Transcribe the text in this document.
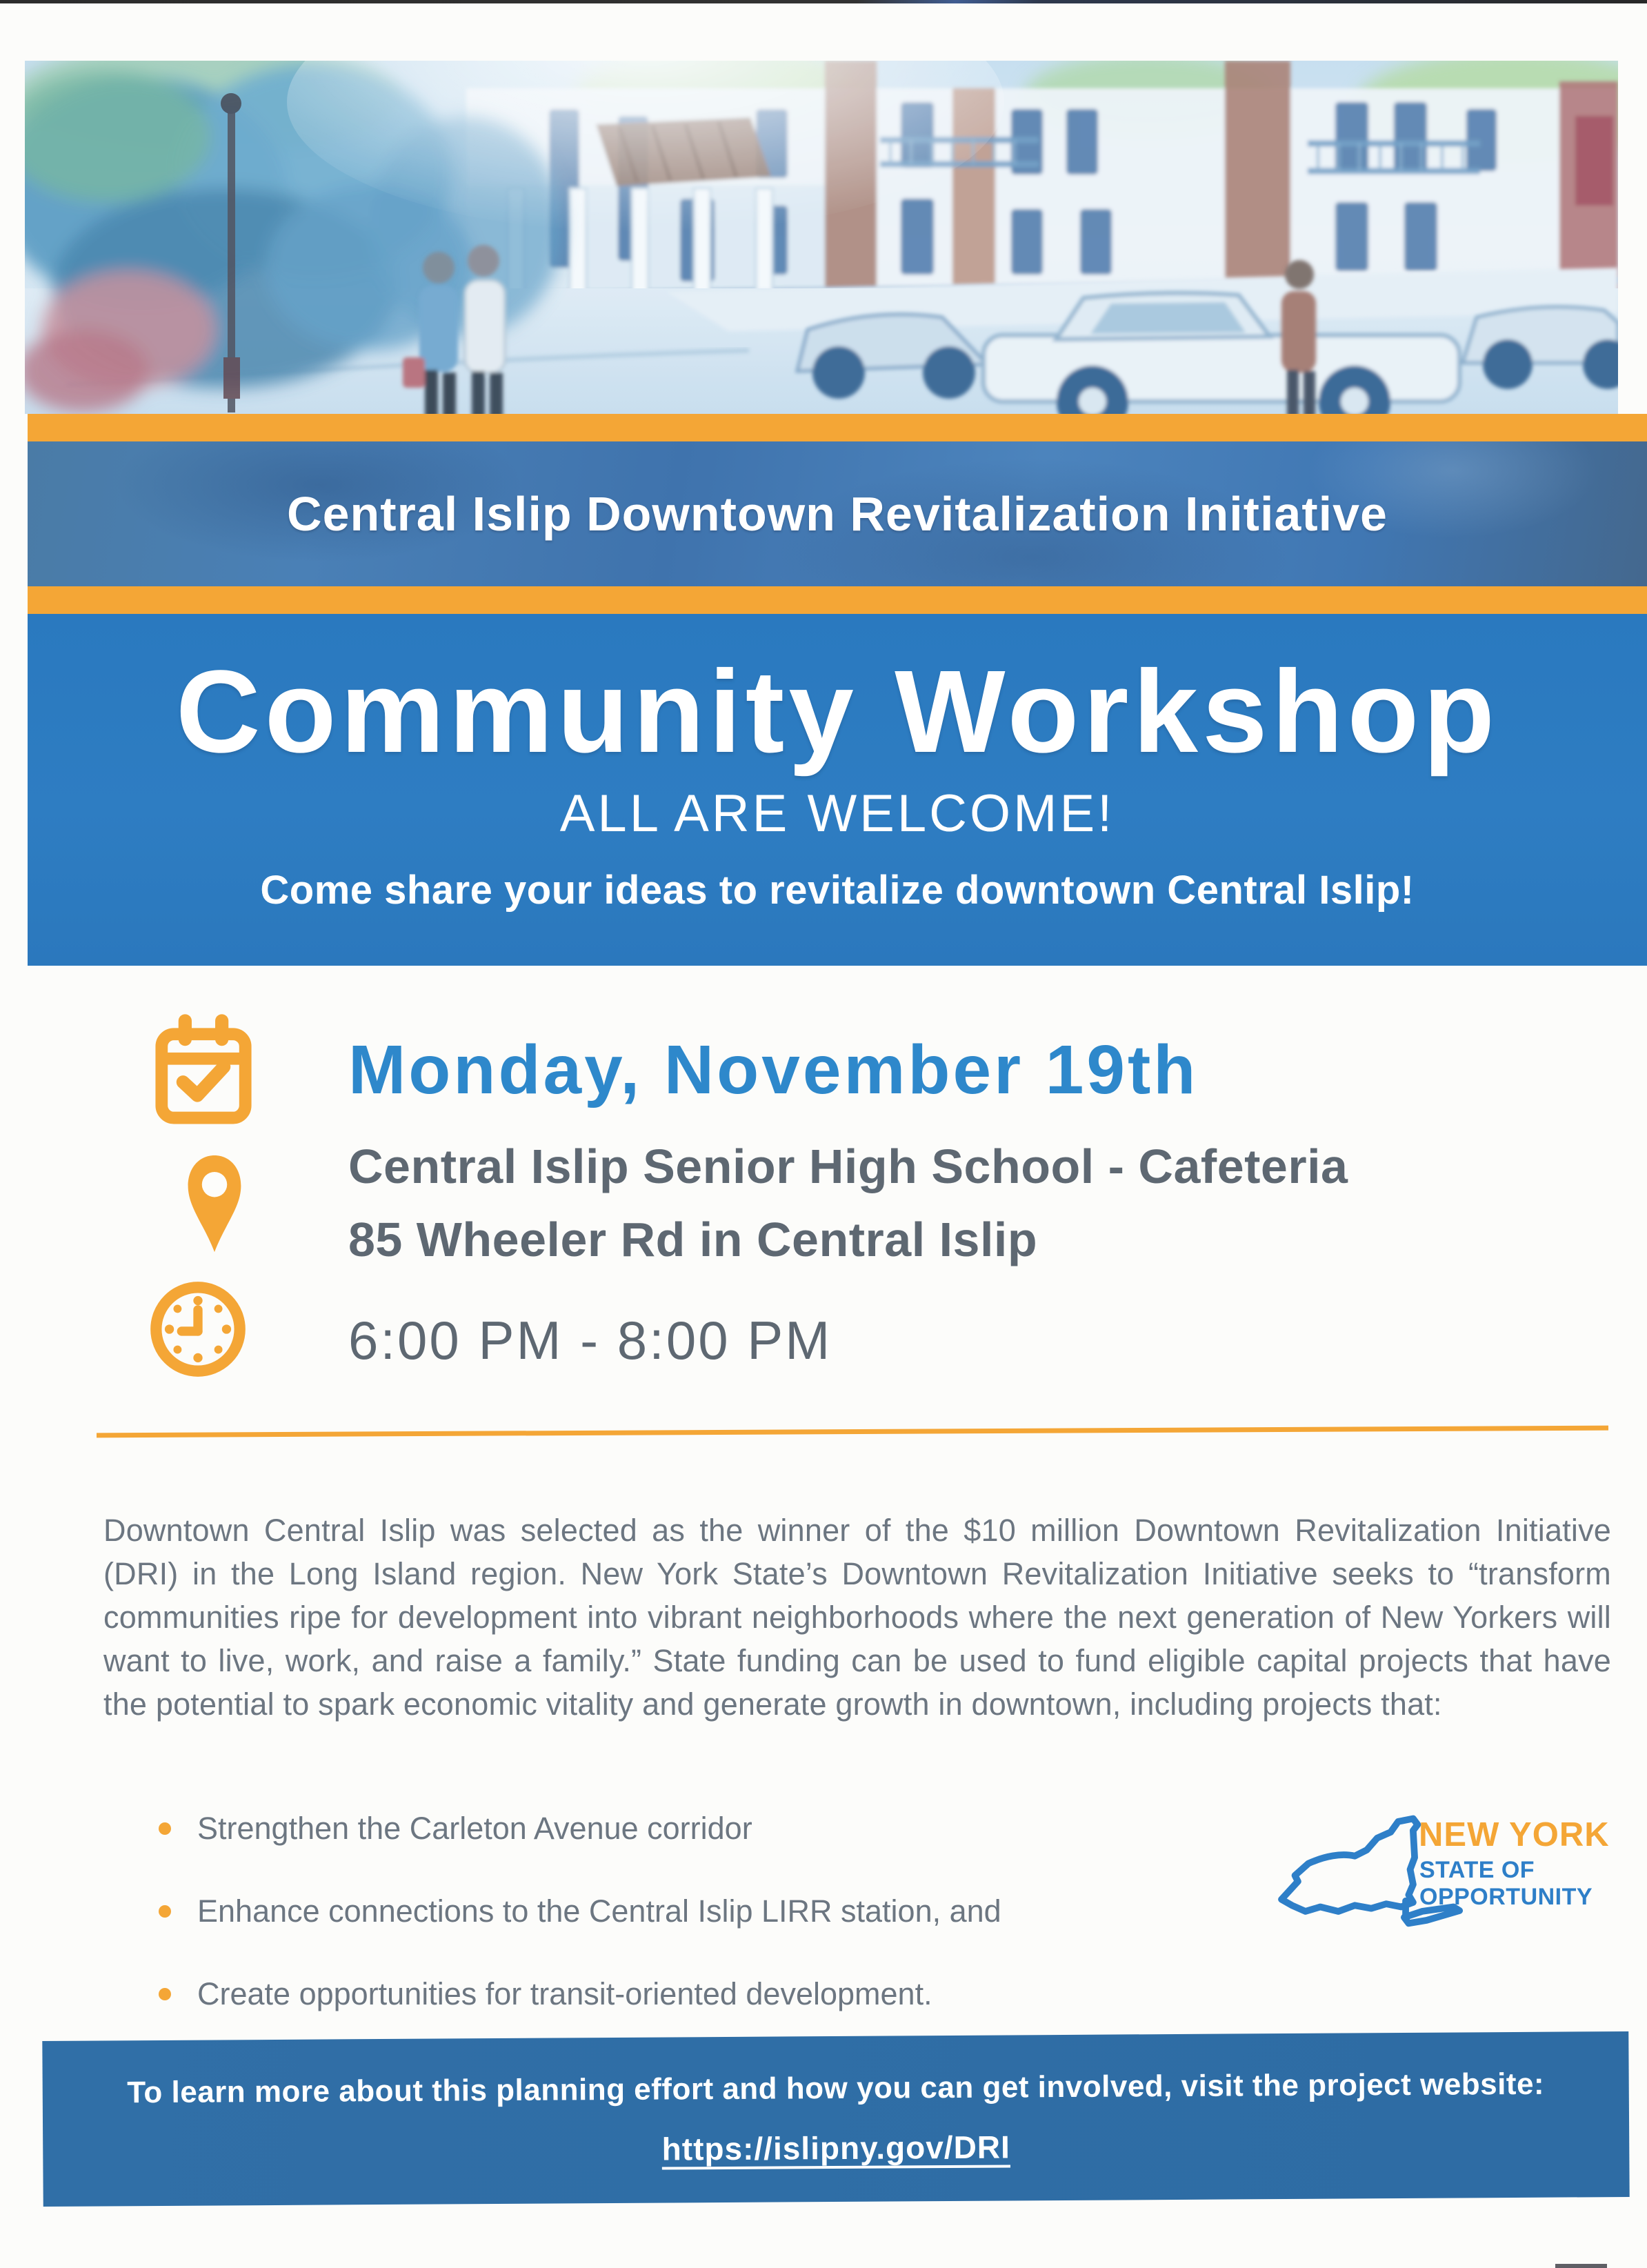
Central Islip Downtown Revitalization Initiative
Community Workshop
ALL ARE WELCOME!
Come share your ideas to revitalize downtown Central Islip!
Monday, November 19th
Central Islip Senior High School - Cafeteria
85 Wheeler Rd in Central Islip
6:00 PM - 8:00 PM

Downtown Central Islip was selected as the winner of the $10 million Downtown Revitalization Initiative (DRI) in the Long Island region. New York State’s Downtown Revitalization Initiative seeks to “transform communities ripe for development into vibrant neighborhoods where the next generation of New Yorkers will want to live, work, and raise a family.” State funding can be used to fund eligible capital projects that have the potential to spark economic vitality and generate growth in downtown, including projects that:

Strengthen the Carleton Avenue corridor
Enhance connections to the Central Islip LIRR station, and
Create opportunities for transit-oriented development.
NEW YORK
STATE OF
OPPORTUNITY
To learn more about this planning effort and how you can get involved, visit the project website:
https://islipny.gov/DRI
